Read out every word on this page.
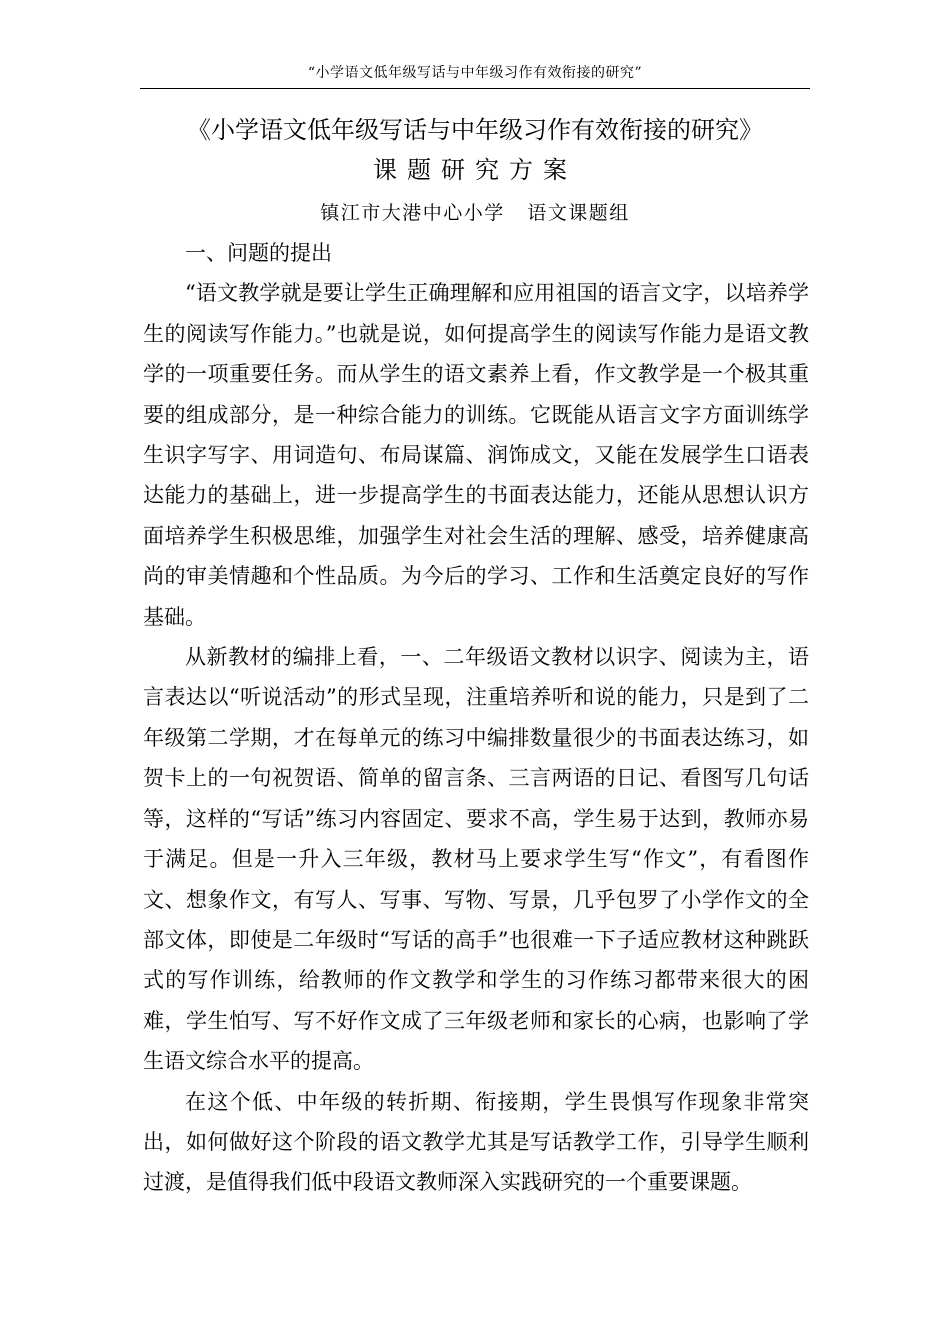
“小学语文低年级写话与中年级习作有效衔接的研究”
《小学语文低年级写话与中年级习作有效衔接的研究》
课题研究方案
镇江市大港中心小学   语文课题组

一、问题的提出

“语文教学就是要让学生正确理解和应用祖国的语言文字，以培养学生的阅读写作能力。”也就是说，如何提高学生的阅读写作能力是语文教学的一项重要任务。而从学生的语文素养上看，作文教学是一个极其重要的组成部分，是一种综合能力的训练。它既能从语言文字方面训练学生识字写字、用词造句、布局谋篇、润饰成文，又能在发展学生口语表达能力的基础上，进一步提高学生的书面表达能力，还能从思想认识方面培养学生积极思维，加强学生对社会生活的理解、感受，培养健康高尚的审美情趣和个性品质。为今后的学习、工作和生活奠定良好的写作基础。

从新教材的编排上看，一、二年级语文教材以识字、阅读为主，语言表达以“听说活动”的形式呈现，注重培养听和说的能力，只是到了二年级第二学期，才在每单元的练习中编排数量很少的书面表达练习，如贺卡上的一句祝贺语、简单的留言条、三言两语的日记、看图写几句话等，这样的“写话”练习内容固定、要求不高，学生易于达到，教师亦易于满足。但是一升入三年级，教材马上要求学生写“作文”，有看图作文、想象作文，有写人、写事、写物、写景，几乎包罗了小学作文的全部文体，即使是二年级时“写话的高手”也很难一下子适应教材这种跳跃式的写作训练，给教师的作文教学和学生的习作练习都带来很大的困难，学生怕写、写不好作文成了三年级老师和家长的心病，也影响了学生语文综合水平的提高。

在这个低、中年级的转折期、衔接期，学生畏惧写作现象非常突出，如何做好这个阶段的语文教学尤其是写话教学工作，引导学生顺利过渡，是值得我们低中段语文教师深入实践研究的一个重要课题。
